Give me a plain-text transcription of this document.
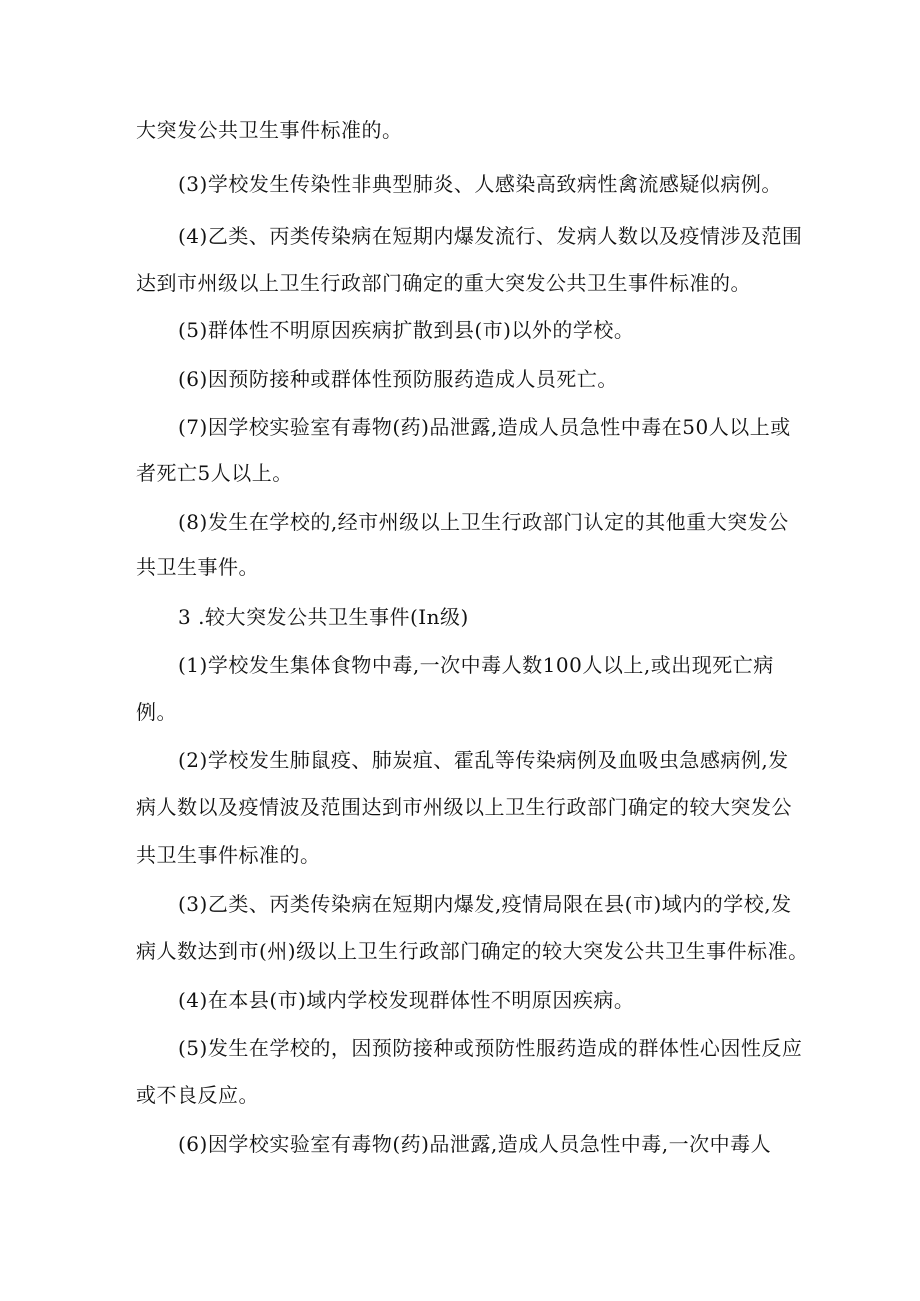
大突发公共卫生事件标准的。
(3)学校发生传染性非典型肺炎、人感染高致病性禽流感疑似病例。
(4)乙类、丙类传染病在短期内爆发流行、发病人数以及疫情涉及范围
达到市州级以上卫生行政部门确定的重大突发公共卫生事件标准的。
(5)群体性不明原因疾病扩散到县(市)以外的学校。
(6)因预防接种或群体性预防服药造成人员死亡。
(7)因学校实验室有毒物(药)品泄露,造成人员急性中毒在50人以上或
者死亡5人以上。
(8)发生在学校的,经市州级以上卫生行政部门认定的其他重大突发公
共卫生事件。
3 .较大突发公共卫生事件(In级)
(1)学校发生集体食物中毒,一次中毒人数100人以上,或出现死亡病
例。
(2)学校发生肺鼠疫、肺炭疽、霍乱等传染病例及血吸虫急感病例,发
病人数以及疫情波及范围达到市州级以上卫生行政部门确定的较大突发公
共卫生事件标准的。
(3)乙类、丙类传染病在短期内爆发,疫情局限在县(市)域内的学校,发
病人数达到市(州)级以上卫生行政部门确定的较大突发公共卫生事件标准。
(4)在本县(市)域内学校发现群体性不明原因疾病。
(5)发生在学校的，因预防接种或预防性服药造成的群体性心因性反应
或不良反应。
(6)因学校实验室有毒物(药)品泄露,造成人员急性中毒,一次中毒人
